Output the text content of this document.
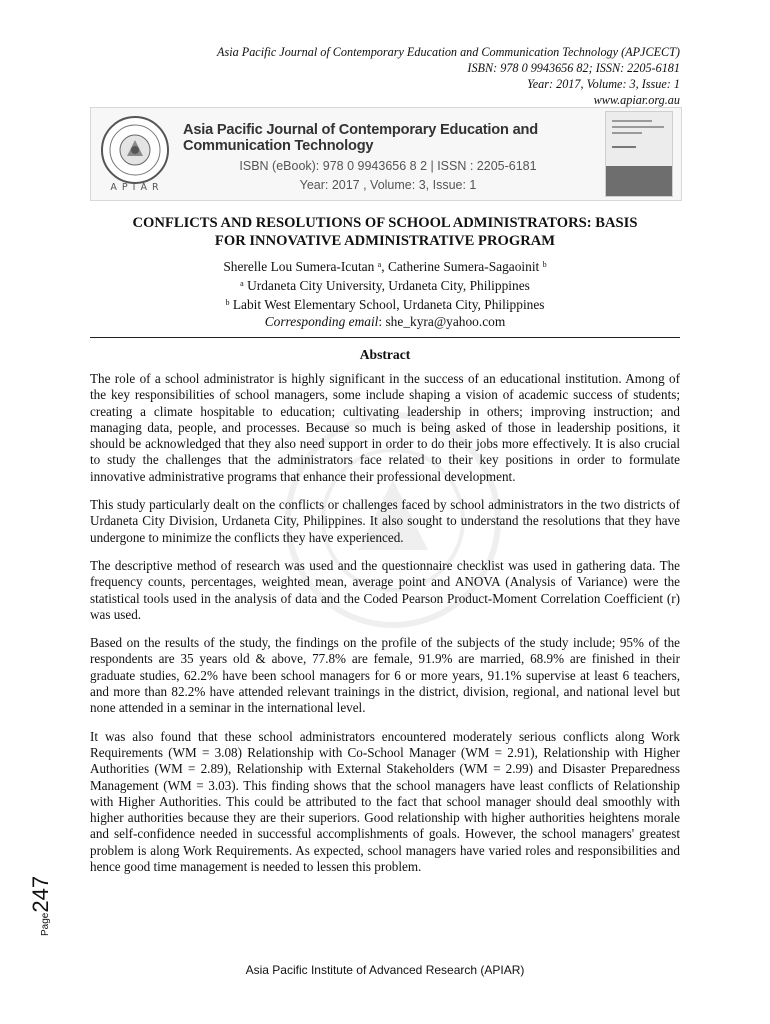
Asia Pacific Journal of Contemporary Education and Communication Technology (APJCECT)
ISBN: 978 0 9943656 82; ISSN: 2205-6181
Year: 2017, Volume: 3, Issue: 1
www.apiar.org.au
APIAR
Asia Pacific Journal of Contemporary Education and Communication Technology
ISBN (eBook): 978 0 9943656 8 2 | ISSN : 2205-6181
Year: 2017 , Volume: 3, Issue: 1
CONFLICTS AND RESOLUTIONS OF SCHOOL ADMINISTRATORS: BASIS
FOR INNOVATIVE ADMINISTRATIVE PROGRAM
Sherelle Lou Sumera-Icutan $^a$, Catherine Sumera-Sagaoinit $^b$
$^a$ Urdaneta City University, Urdaneta City, Philippines
$^b$ Labit West Elementary School, Urdaneta City, Philippines
Corresponding email: she_kyra@yahoo.com
Abstract

The role of a school administrator is highly significant in the success of an educational institution. Among of the key responsibilities of school managers, some include shaping a vision of academic success of students; creating a climate hospitable to education; cultivating leadership in others; improving instruction; and managing data, people, and processes. Because so much is being asked of those in leadership positions, it should be acknowledged that they also need support in order to do their jobs more effectively. It is also crucial to study the challenges that the administrators face related to their key positions in order to formulate innovative administrative programs that enhance their professional development.

This study particularly dealt on the conflicts or challenges faced by school administrators in the two districts of Urdaneta City Division, Urdaneta City, Philippines. It also sought to understand the resolutions that they have undergone to minimize the conflicts they have experienced.

The descriptive method of research was used and the questionnaire checklist was used in gathering data. The frequency counts, percentages, weighted mean, average point and ANOVA (Analysis of Variance) were the statistical tools used in the analysis of data and the Coded Pearson Product-Moment Correlation Coefficient (r) was used.

Based on the results of the study, the findings on the profile of the subjects of the study include; 95% of the respondents are 35 years old & above, 77.8% are female, 91.9% are married, 68.9% are finished in their graduate studies, 62.2% have been school managers for 6 or more years, 91.1% supervise at least 6 teachers, and more than 82.2% have attended relevant trainings in the district, division, regional, and national level but none attended in a seminar in the international level.

It was also found that these school administrators encountered moderately serious conflicts along Work Requirements (WM = 3.08) Relationship with Co-School Manager (WM = 2.91), Relationship with Higher Authorities (WM = 2.89), Relationship with External Stakeholders (WM = 2.99) and Disaster Preparedness Management (WM = 3.03). This finding shows that the school managers have least conflicts of Relationship with Higher Authorities. This could be attributed to the fact that school manager should deal smoothly with higher authorities because they are their superiors. Good relationship with higher authorities heightens morale and self-confidence needed in successful accomplishments of goals. However, the school managers' greatest problem is along Work Requirements. As expected, school managers have varied roles and responsibilities and hence good time management is needed to lessen this problem.

Page247
Asia Pacific Institute of Advanced Research (APIAR)
